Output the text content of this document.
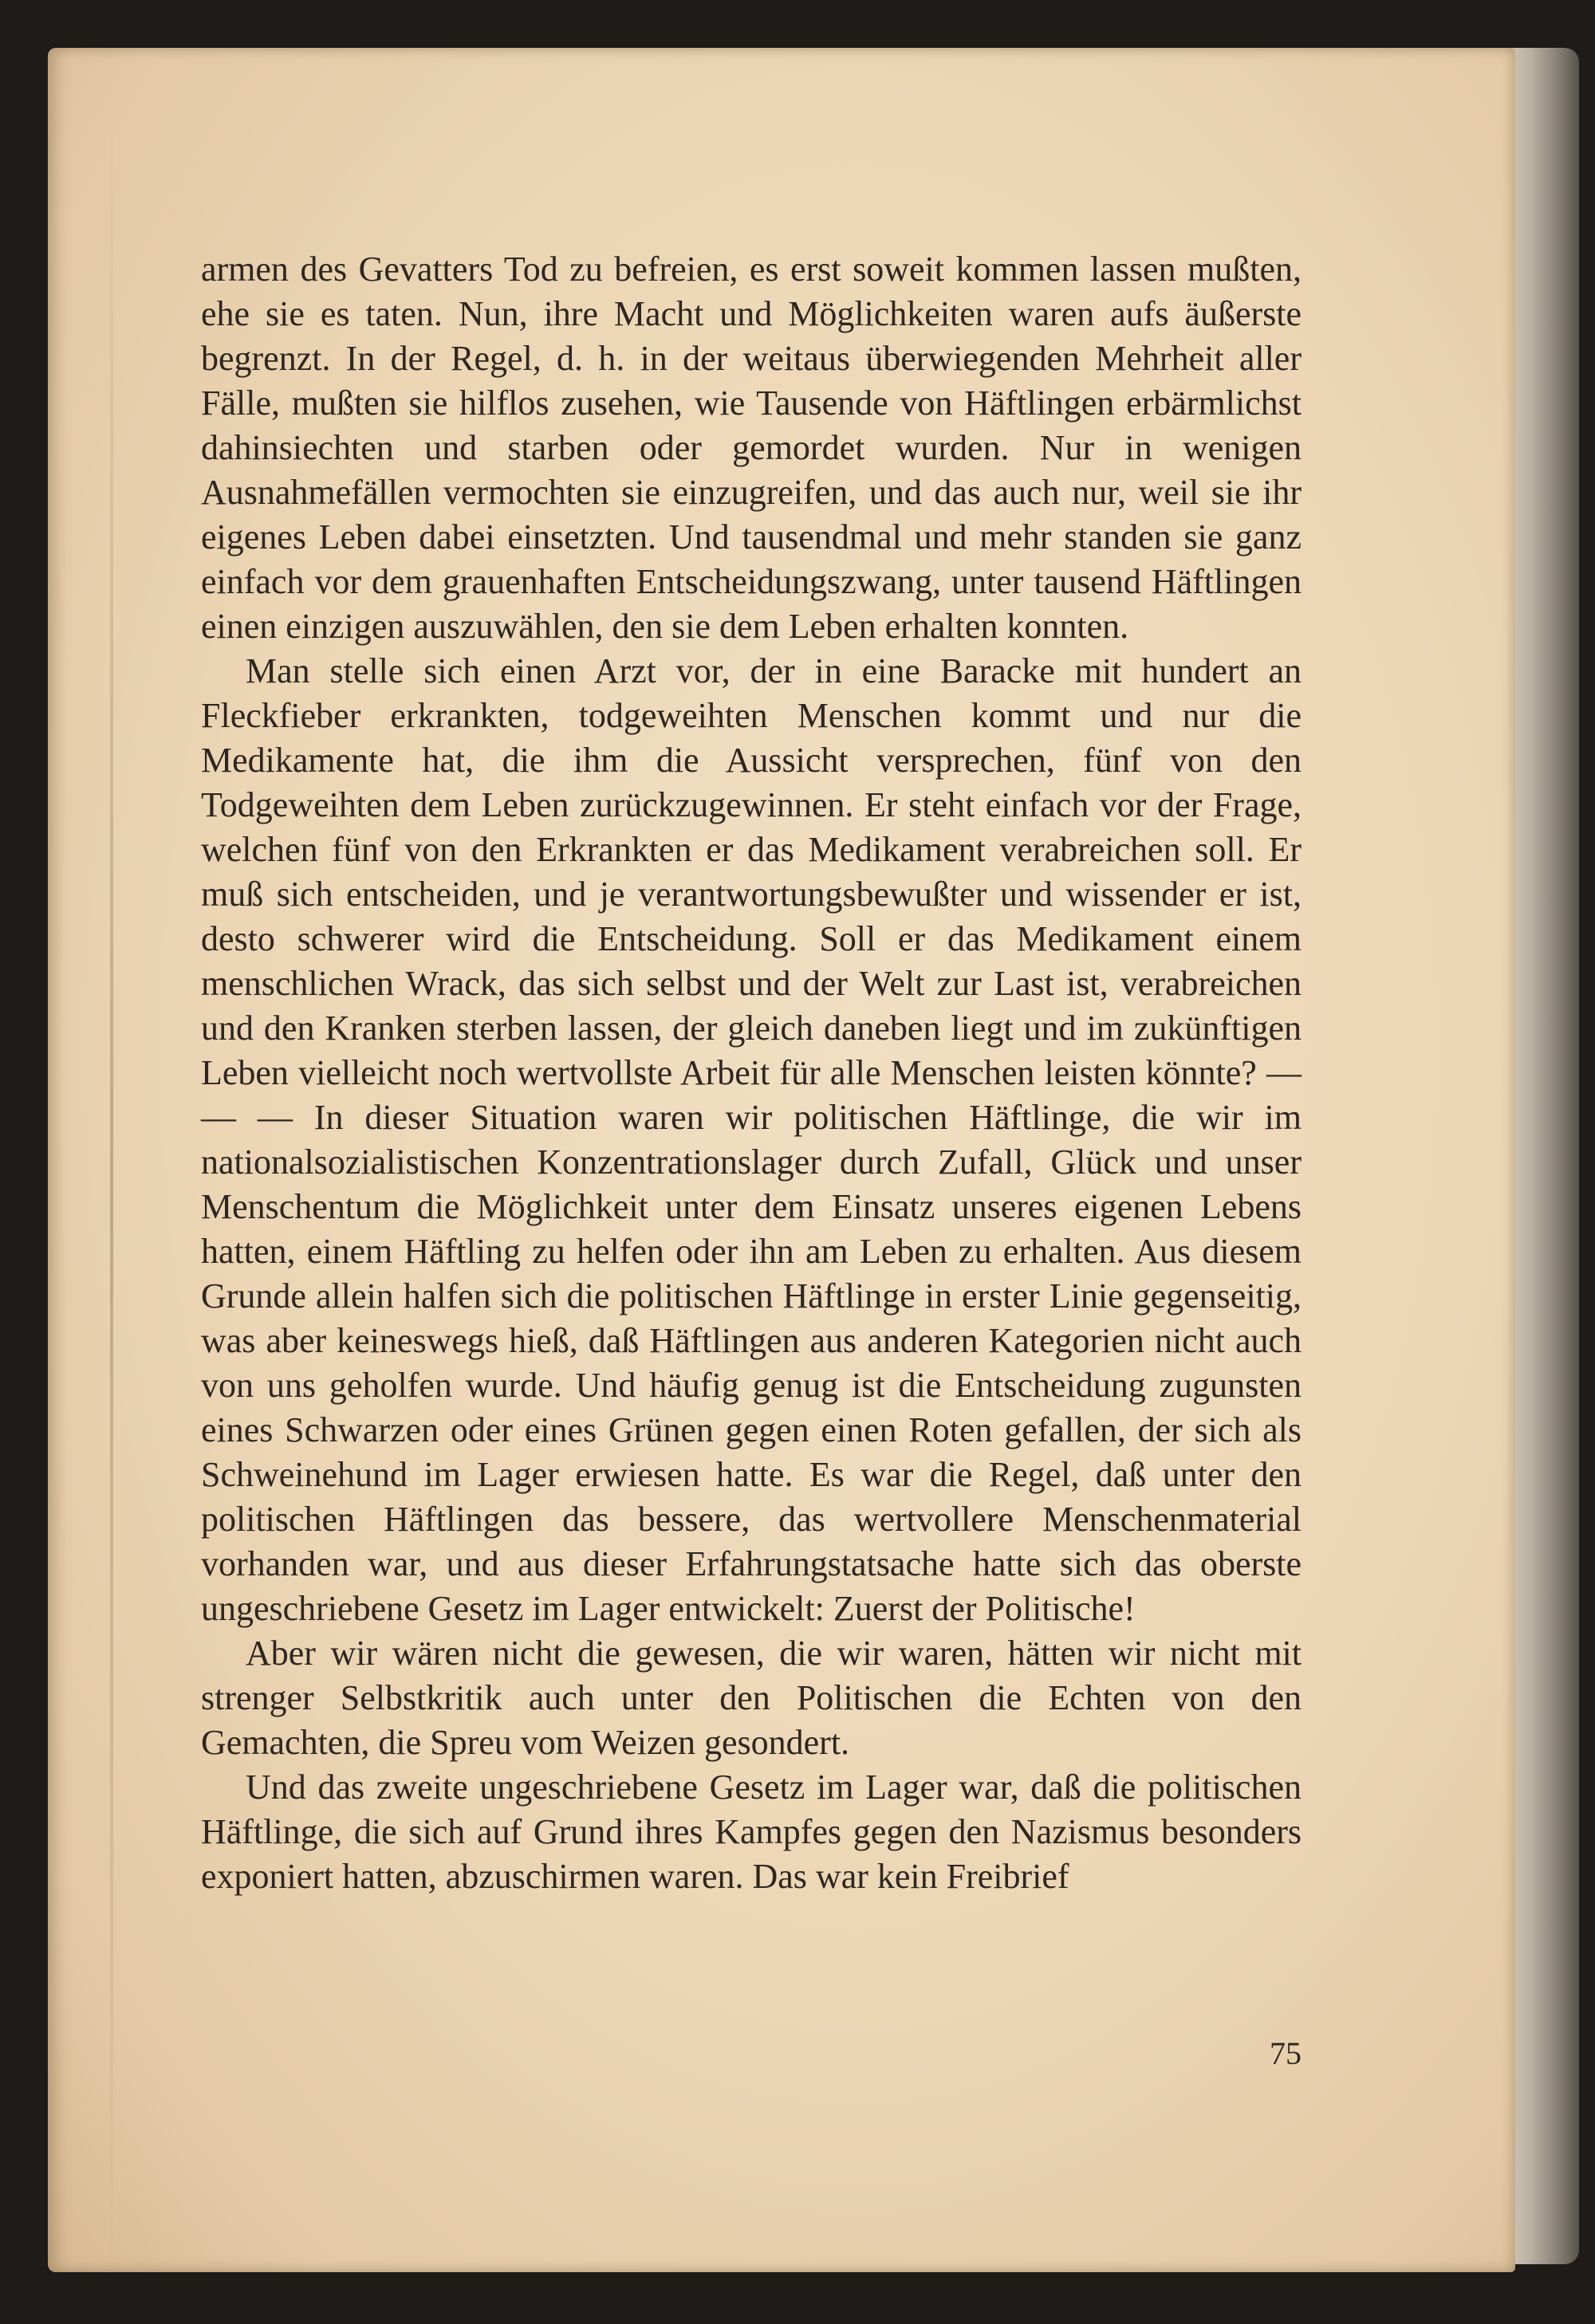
armen des Gevatters Tod zu befreien, es erst soweit kommen lassen mußten, ehe sie es taten. Nun, ihre Macht und Möglichkeiten waren aufs äußerste begrenzt. In der Regel, d. h. in der weitaus überwiegenden Mehrheit aller Fälle, mußten sie hilflos zusehen, wie Tausende von Häftlingen erbärmlichst dahinsiechten und starben oder gemordet wurden. Nur in wenigen Ausnahmefällen vermochten sie einzugreifen, und das auch nur, weil sie ihr eigenes Leben dabei einsetzten. Und tausendmal und mehr standen sie ganz einfach vor dem grauenhaften Entscheidungszwang, unter tausend Häftlingen einen einzigen auszuwählen, den sie dem Leben erhalten konnten.

Man stelle sich einen Arzt vor, der in eine Baracke mit hundert an Fleckfieber erkrankten, todgeweihten Menschen kommt und nur die Medikamente hat, die ihm die Aussicht versprechen, fünf von den Todgeweihten dem Leben zurückzugewinnen. Er steht einfach vor der Frage, welchen fünf von den Erkrankten er das Medikament verabreichen soll. Er muß sich entscheiden, und je verantwortungsbewußter und wissender er ist, desto schwerer wird die Entscheidung. Soll er das Medikament einem menschlichen Wrack, das sich selbst und der Welt zur Last ist, verabreichen und den Kranken sterben lassen, der gleich daneben liegt und im zukünftigen Leben vielleicht noch wertvollste Arbeit für alle Menschen leisten könnte? — — — In dieser Situation waren wir politischen Häftlinge, die wir im nationalsozialistischen Konzentrationslager durch Zufall, Glück und unser Menschentum die Möglichkeit unter dem Einsatz unseres eigenen Lebens hatten, einem Häftling zu helfen oder ihn am Leben zu erhalten. Aus diesem Grunde allein halfen sich die politischen Häftlinge in erster Linie gegenseitig, was aber keineswegs hieß, daß Häftlingen aus anderen Kategorien nicht auch von uns geholfen wurde. Und häufig genug ist die Entscheidung zugunsten eines Schwarzen oder eines Grünen gegen einen Roten gefallen, der sich als Schweinehund im Lager erwiesen hatte. Es war die Regel, daß unter den politischen Häftlingen das bessere, das wertvollere Menschenmaterial vorhanden war, und aus dieser Erfahrungstatsache hatte sich das oberste ungeschriebene Gesetz im Lager entwickelt: Zuerst der Politische!

Aber wir wären nicht die gewesen, die wir waren, hätten wir nicht mit strenger Selbstkritik auch unter den Politischen die Echten von den Gemachten, die Spreu vom Weizen gesondert.

Und das zweite ungeschriebene Gesetz im Lager war, daß die politischen Häftlinge, die sich auf Grund ihres Kampfes gegen den Nazismus besonders exponiert hatten, abzuschirmen waren. Das war kein Freibrief

75
